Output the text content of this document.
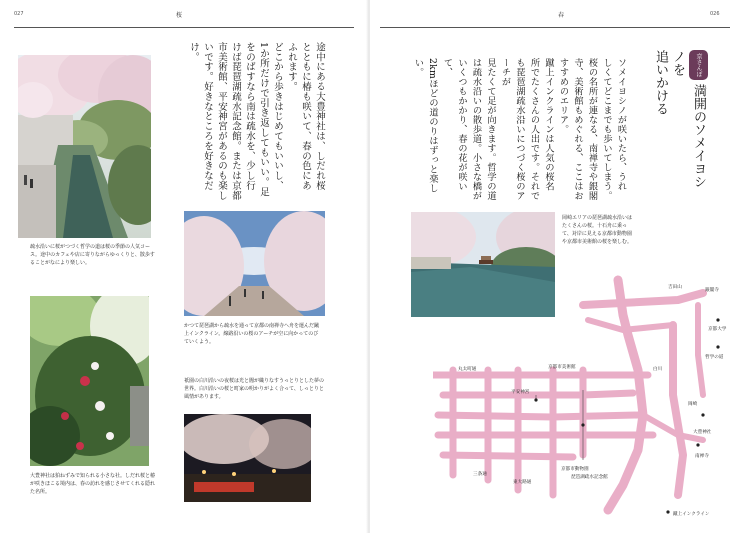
027	桜
疏水沿いに桜がつづく哲学の道は桜の季節の人気コース。途中のカフェや店に寄りながらゆっくりと、散歩することがなにより楽しい。
大豊神社は狛ねずみで知られる小さな社。しだれ桜と椿が咲きほこる境内は、春の訪れを感じさせてくれる隠れた名所。
かつて琵琶湖から疏水を通って京都の南禅寺へ舟を運んだ蹴上インクライン。線路沿いの桜のアーチが空に向かってのびていくよう。
祇園の白川沿いの夜桜は光と闇が織りなすうっとりとした夢の世界。白川沿いの桜と町家の明かりがよく合って、しっとりと風情があります。
途中にある大豊神社は、しだれ桜
とともに椿も咲いて、春の色にあ
ふれます。
どこから歩きはじめてもいいし、
1か所だけで引き返してもいい。足
をのばすなら南は疏水を、少し行
けば琵琶湖疏水記念館。または京都
市美術館、平安神宮があるのも楽し
いです。好きなところを好きなだけ。
春	026
京さんぽ 満開のソメイヨシノを
追いかける
ソメイヨシノが咲いたら、うれ
しくてどこまでも歩いてしまう。
桜の名所が連なる、南禅寺や銀閣
寺、美術館もめぐれる、ここはお
すすめのエリア。
蹴上インクラインは人気の桜名
所でたくさんの人出です。それで
も琵琶湖疏水沿いにつづく桜のアーチが
見たくて足が向きます。哲学の道
は疏水沿いの散歩道。小さな橋が
いくつもかかり、春の花が咲いて、
2kmほどの道のりはずっと楽しい。
岡崎エリアの琵琶湖疏水沿いはたくさんの桜。十石舟に乗って、対岸に見える京都市動物園や京都市美術館の桜を楽しむ。
吉田山
銀閣寺
京都大学
哲学の道
白川
京都市美術館
丸太町通
平安神宮
岡崎
大豊神社
南禅寺
三条通
東大路通
京都市動物園
琵琶湖疏水記念館
蹴上インクライン
